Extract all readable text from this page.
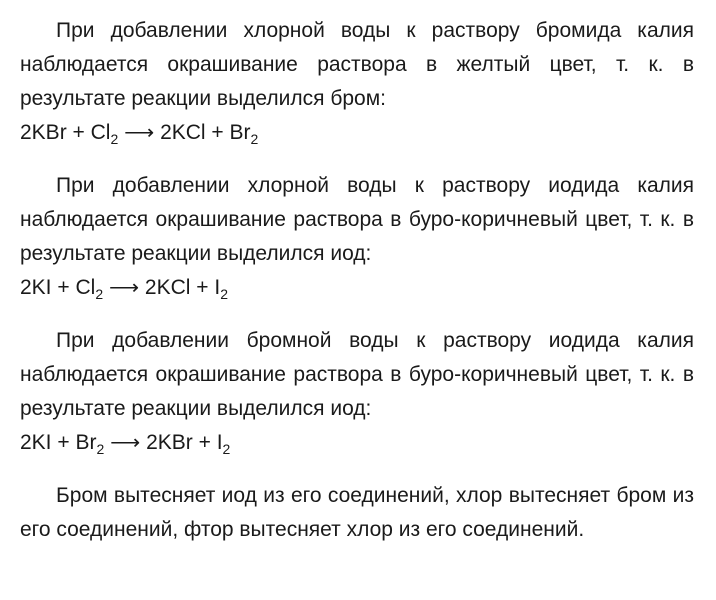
При добавлении хлорной воды к раствору бромида калия наблюдается окрашивание раствора в желтый цвет, т. к. в результате реакции выделился бром:

$2KBr + Cl_2$ ⟶ $2KCl + Br_2$

При добавлении хлорной воды к раствору иодида калия наблюдается окрашивание раствора в буро-коричневый цвет, т. к. в результате реакции выделился иод:

$2KI + Cl_2$ ⟶ $2KCl + I_2$

При добавлении бромной воды к раствору иодида калия наблюдается окрашивание раствора в буро-коричневый цвет, т. к. в результате реакции выделился иод:

$2KI + Br_2$ ⟶ $2KBr + I_2$

Бром вытесняет иод из его соединений, хлор вытесняет бром из его соединений, фтор вытесняет хлор из его соединений.
